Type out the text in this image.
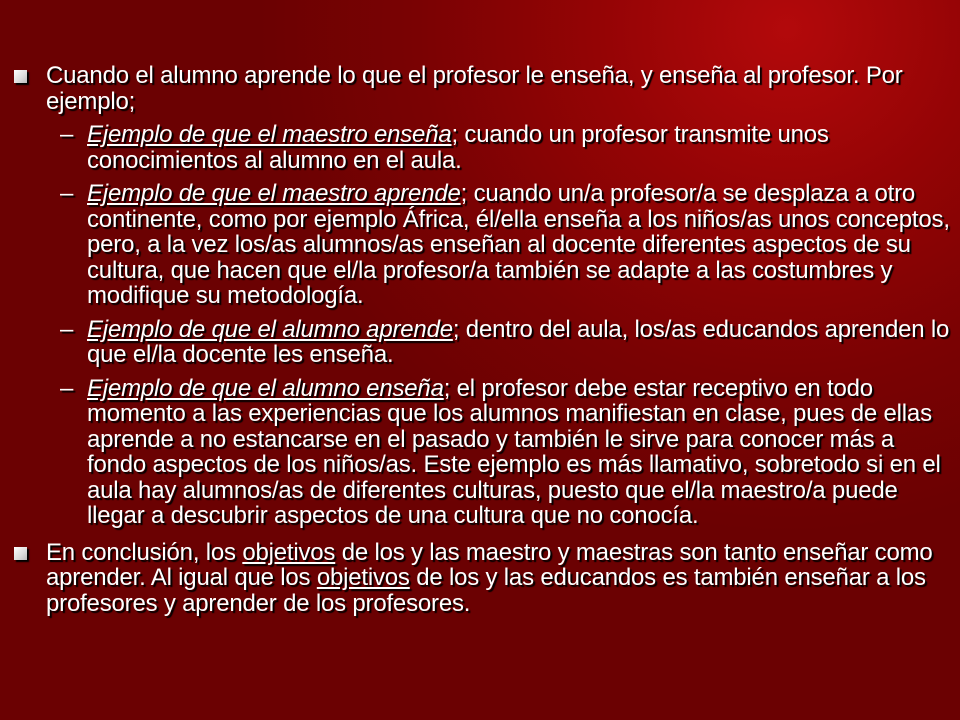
Cuando el alumno aprende lo que el profesor le enseña, y enseña al profesor. Por ejemplo;
– Ejemplo de que el maestro enseña; cuando un profesor transmite unos conocimientos al alumno en el aula.
– Ejemplo de que el maestro aprende; cuando un/a profesor/a se desplaza a otro continente, como por ejemplo África, él/ella enseña a los niños/as unos conceptos, pero, a la vez los/as alumnos/as enseñan al docente diferentes aspectos de su cultura, que hacen que el/la profesor/a también se adapte a las costumbres y modifique su metodología.
– Ejemplo de que el alumno aprende; dentro del aula, los/as educandos aprenden lo que el/la docente les enseña.
– Ejemplo de que el alumno enseña; el profesor debe estar receptivo en todo momento a las experiencias que los alumnos manifiestan en clase, pues de ellas aprende a no estancarse en el pasado y también le sirve para conocer más a fondo aspectos de los niños/as. Este ejemplo es más llamativo, sobretodo si en el aula hay alumnos/as de diferentes culturas, puesto que el/la maestro/a puede llegar a descubrir aspectos de una cultura que no conocía.
En conclusión, los objetivos de los y las maestro y maestras son tanto enseñar como aprender. Al igual que los objetivos de los y las educandos es también enseñar a los profesores y aprender de los profesores.
